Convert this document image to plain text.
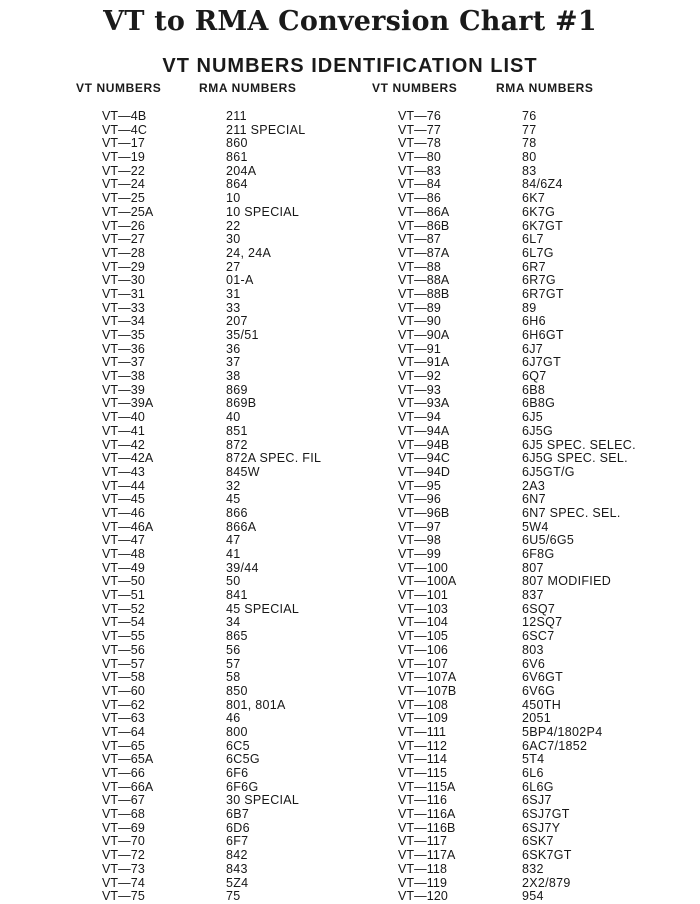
VT to RMA Conversion Chart #1
VT NUMBERS IDENTIFICATION LIST
VT NUMBERS	RMA NUMBERS	VT NUMBERS	RMA NUMBERS
VT—4B	211
VT—4C	211 SPECIAL
VT—17	860
VT—19	861
VT—22	204A
VT—24	864
VT—25	10
VT—25A	10 SPECIAL
VT—26	22
VT—27	30
VT—28	24, 24A
VT—29	27
VT—30	01-A
VT—31	31
VT—33	33
VT—34	207
VT—35	35/51
VT—36	36
VT—37	37
VT—38	38
VT—39	869
VT—39A	869B
VT—40	40
VT—41	851
VT—42	872
VT—42A	872A SPEC. FIL
VT—43	845W
VT—44	32
VT—45	45
VT—46	866
VT—46A	866A
VT—47	47
VT—48	41
VT—49	39/44
VT—50	50
VT—51	841
VT—52	45 SPECIAL
VT—54	34
VT—55	865
VT—56	56
VT—57	57
VT—58	58
VT—60	850
VT—62	801, 801A
VT—63	46
VT—64	800
VT—65	6C5
VT—65A	6C5G
VT—66	6F6
VT—66A	6F6G
VT—67	30 SPECIAL
VT—68	6B7
VT—69	6D6
VT—70	6F7
VT—72	842
VT—73	843
VT—74	5Z4
VT—75	75
VT—76	76
VT—77	77
VT—78	78
VT—80	80
VT—83	83
VT—84	84/6Z4
VT—86	6K7
VT—86A	6K7G
VT—86B	6K7GT
VT—87	6L7
VT—87A	6L7G
VT—88	6R7
VT—88A	6R7G
VT—88B	6R7GT
VT—89	89
VT—90	6H6
VT—90A	6H6GT
VT—91	6J7
VT—91A	6J7GT
VT—92	6Q7
VT—93	6B8
VT—93A	6B8G
VT—94	6J5
VT—94A	6J5G
VT—94B	6J5 SPEC. SELEC.
VT—94C	6J5G SPEC. SEL.
VT—94D	6J5GT/G
VT—95	2A3
VT—96	6N7
VT—96B	6N7 SPEC. SEL.
VT—97	5W4
VT—98	6U5/6G5
VT—99	6F8G
VT—100	807
VT—100A	807 MODIFIED
VT—101	837
VT—103	6SQ7
VT—104	12SQ7
VT—105	6SC7
VT—106	803
VT—107	6V6
VT—107A	6V6GT
VT—107B	6V6G
VT—108	450TH
VT—109	2051
VT—111	5BP4/1802P4
VT—112	6AC7/1852
VT—114	5T4
VT—115	6L6
VT—115A	6L6G
VT—116	6SJ7
VT—116A	6SJ7GT
VT—116B	6SJ7Y
VT—117	6SK7
VT—117A	6SK7GT
VT—118	832
VT—119	2X2/879
VT—120	954
